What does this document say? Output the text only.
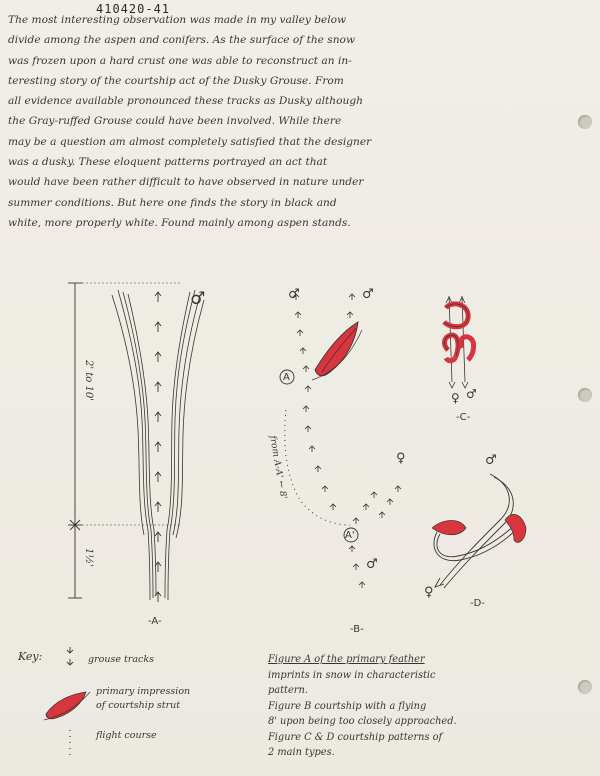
410420-41
The most interesting observation was made in my valley below
divide among the aspen and conifers. As the surface of the snow
was frozen upon a hard crust one was able to reconstruct an in-
teresting story of the courtship act of the Dusky Grouse. From
all evidence available pronounced these tracks as Dusky although
the Gray-ruffed Grouse could have been involved. While there
may be a question am almost completely satisfied that the designer
was a dusky. These eloquent patterns portrayed an act that
would have been rather difficult to have observed in nature under
summer conditions. But here one finds the story in black and
white, more properly white. Found mainly among aspen stands.
2' to 10'
1½'
♂
-A-
A
A'
from A-A' ← 8'
♂	♂
♀
♂
-B-
♀ ♂
-C-
♂
♀
-D-
Key:	grouse tracks
primary impression
of courtship strut
flight course
Figure A of the primary feather
imprints in snow in characteristic
pattern.
Figure B courtship with a flying
8' upon being too closely approached.
Figure C & D courtship patterns of
2 main types.
